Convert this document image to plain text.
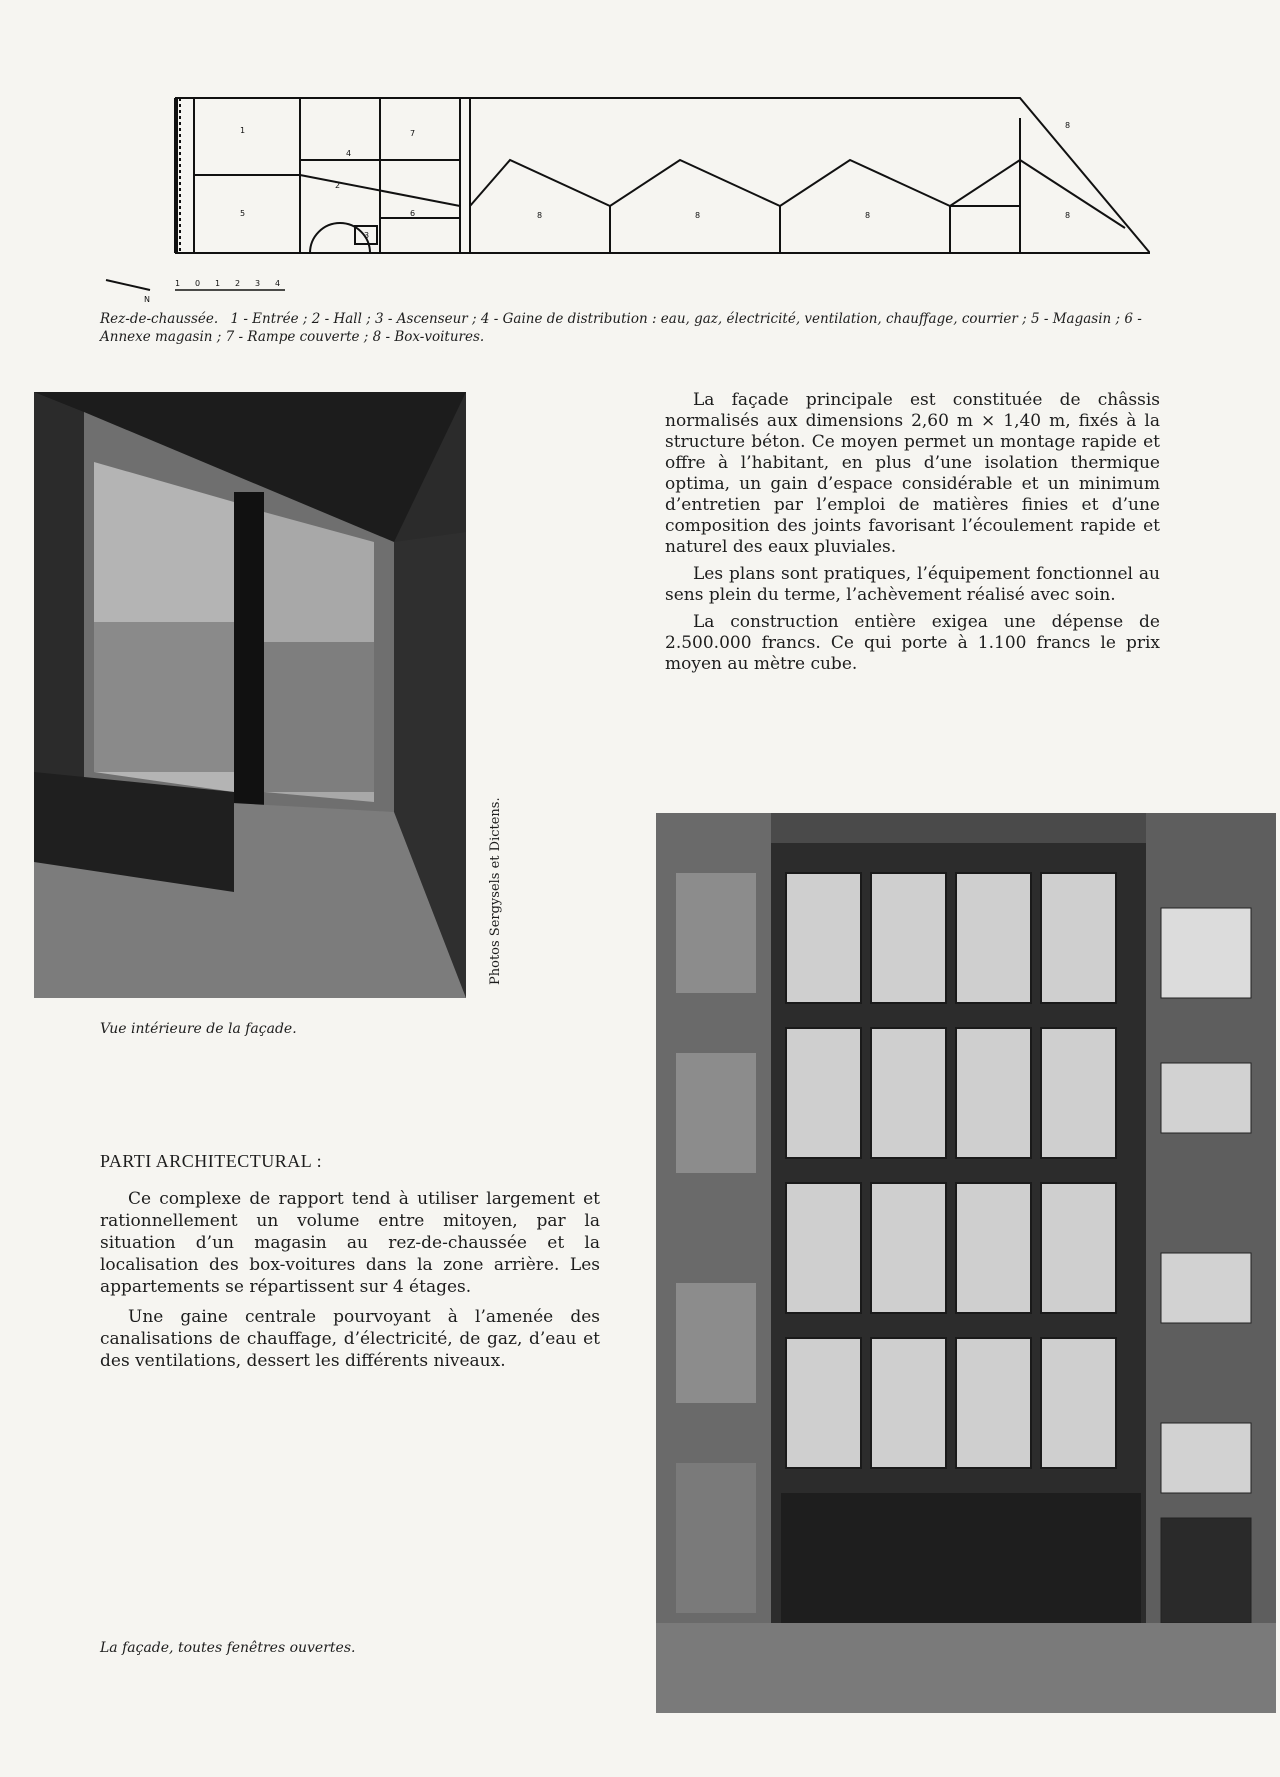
1	7
4
2
5
3
6	8	8	8
8
8
N
1 0 1 2 3 4
Rez-de-chaussée. 1 - Entrée ; 2 - Hall ; 3 - Ascenseur ; 4 - Gaine de distribution : eau, gaz, électricité, ventilation, chauffage, courrier ; 5 - Magasin ; 6 - Annexe magasin ; 7 - Rampe couverte ; 8 - Box-voitures.
Photos Sergysels et Dictens.
Vue intérieure de la façade.

La façade principale est constituée de châssis normalisés aux dimensions 2,60 m × 1,40 m, fixés à la structure béton. Ce moyen permet un montage rapide et offre à l’habitant, en plus d’une isolation thermique optima, un gain d’espace considérable et un minimum d’entretien par l’emploi de matières finies et d’une composition des joints favorisant l’écoulement rapide et naturel des eaux pluviales.

Les plans sont pratiques, l’équipement fonctionnel au sens plein du terme, l’achèvement réalisé avec soin.

La construction entière exigea une dépense de 2.500.000 francs. Ce qui porte à 1.100 francs le prix moyen au mètre cube.

PARTI ARCHITECTURAL :

Ce complexe de rapport tend à utiliser largement et rationnellement un volume entre mitoyen, par la situation d’un magasin au rez-de-chaussée et la localisation des box-voitures dans la zone arrière. Les appartements se répartissent sur 4 étages.

Une gaine centrale pourvoyant à l’amenée des canalisations de chauffage, d’électricité, de gaz, d’eau et des ventilations, dessert les différents niveaux.

La façade, toutes fenêtres ouvertes.
